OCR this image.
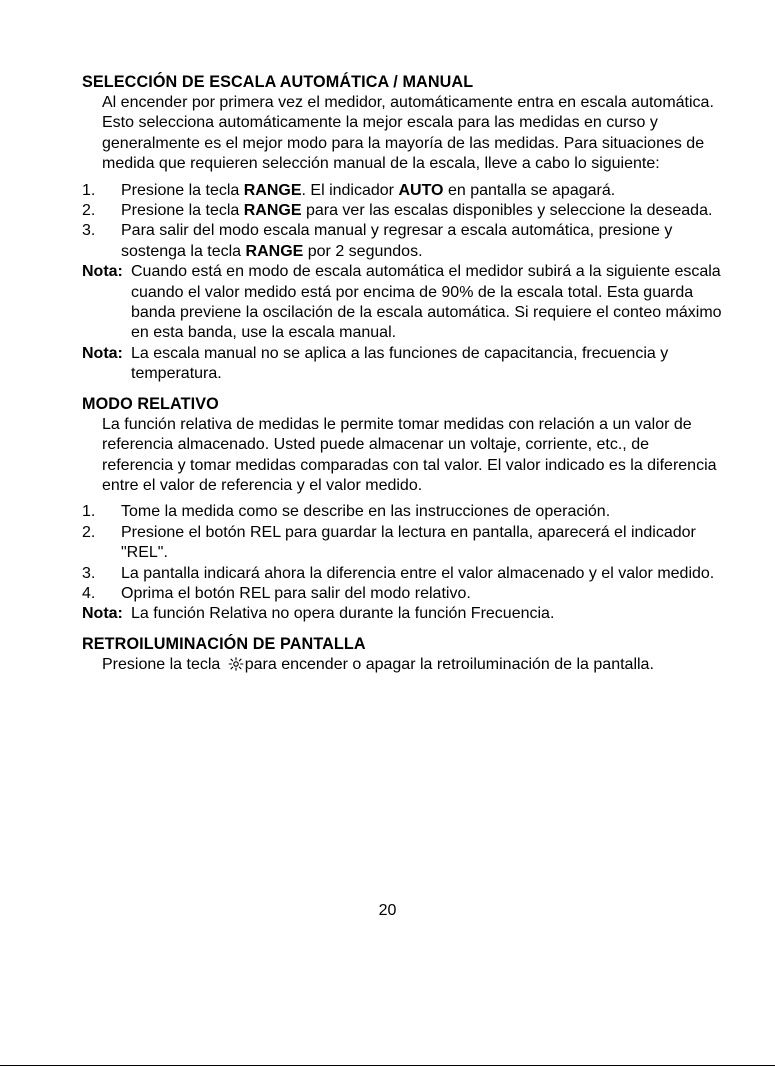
SELECCIÓN DE ESCALA AUTOMÁTICA / MANUAL

Al encender por primera vez el medidor, automáticamente entra en escala automática. Esto selecciona automáticamente la mejor escala para las medidas en curso y generalmente es el mejor modo para la mayoría de las medidas. Para situaciones de medida que requieren selección manual de la escala, lleve a cabo lo siguiente:

1. Presione la tecla RANGE. El indicador AUTO en pantalla se apagará.
2. Presione la tecla RANGE para ver las escalas disponibles y seleccione la deseada.
3. Para salir del modo escala manual y regresar a escala automática, presione y sostenga la tecla RANGE por 2 segundos.
Nota: Cuando está en modo de escala automática el medidor subirá a la siguiente escala cuando el valor medido está por encima de 90% de la escala total. Esta guarda banda previene la oscilación de la escala automática. Si requiere el conteo máximo en esta banda, use la escala manual.
Nota: La escala manual no se aplica a las funciones de capacitancia, frecuencia y temperatura.
MODO RELATIVO

La función relativa de medidas le permite tomar medidas con relación a un valor de referencia almacenado. Usted puede almacenar un voltaje, corriente, etc., de referencia y tomar medidas comparadas con tal valor. El valor indicado es la diferencia entre el valor de referencia y el valor medido.

1. Tome la medida como se describe en las instrucciones de operación.
2. Presione el botón REL para guardar la lectura en pantalla, aparecerá el indicador "REL".
3. La pantalla indicará ahora la diferencia entre el valor almacenado y el valor medido.
4. Oprima el botón REL para salir del modo relativo.
Nota: La función Relativa no opera durante la función Frecuencia.
RETROILUMINACIÓN DE PANTALLA

Presione la tecla para encender o apagar la retroiluminación de la pantalla.

20
